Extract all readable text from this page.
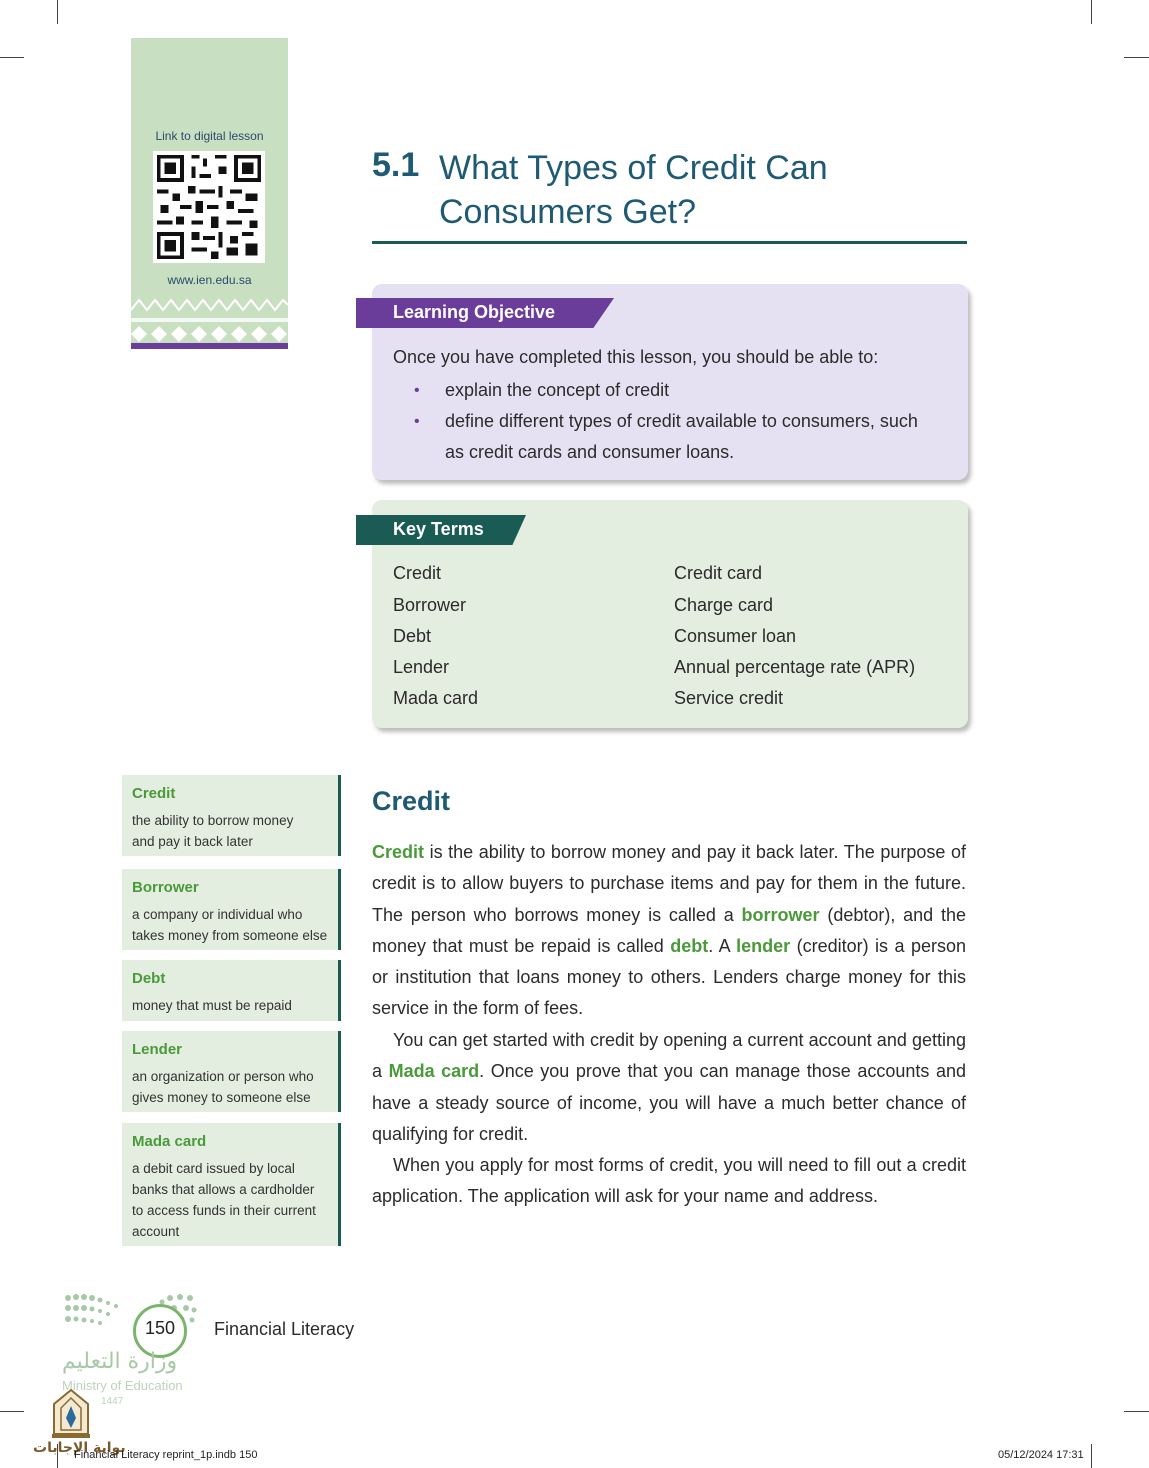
Link to digital lesson
www.ien.edu.sa
5.1 What Types of Credit Can
Consumers Get?
Learning Objective
Once you have completed this lesson, you should be able to:
• explain the concept of credit
• define different types of credit available to consumers, such
as credit cards and consumer loans.
Key Terms
Credit
Borrower
Debt
Lender
Mada card
Credit card
Charge card
Consumer loan
Annual percentage rate (APR)
Service credit
Credit
the ability to borrow money
and pay it back later
Borrower
a company or individual who
takes money from someone else
Debt
money that must be repaid
Lender
an organization or person who
gives money to someone else
Mada card
a debit card issued by local
banks that allows a cardholder
to access funds in their current
account
Credit
Credit is the ability to borrow money and pay it back later. The purpose of credit is to allow buyers to purchase items and pay for them in the future. The person who borrows money is called a borrower (debtor), and the money that must be repaid is called debt. A lender (creditor) is a person or institution that loans money to others. Lenders charge money for this service in the form of fees.
You can get started with credit by opening a current account and getting a Mada card. Once you prove that you can manage those accounts and have a steady source of income, you will have a much better chance of qualifying for credit.
When you apply for most forms of credit, you will need to fill out a credit application. The application will ask for your name and address.
150	Financial Literacy
وزارة التعليم
Ministry of Education
1447
بوابة الإجابات
Financial Literacy reprint_1p.indb 150	05/12/2024 17:31
